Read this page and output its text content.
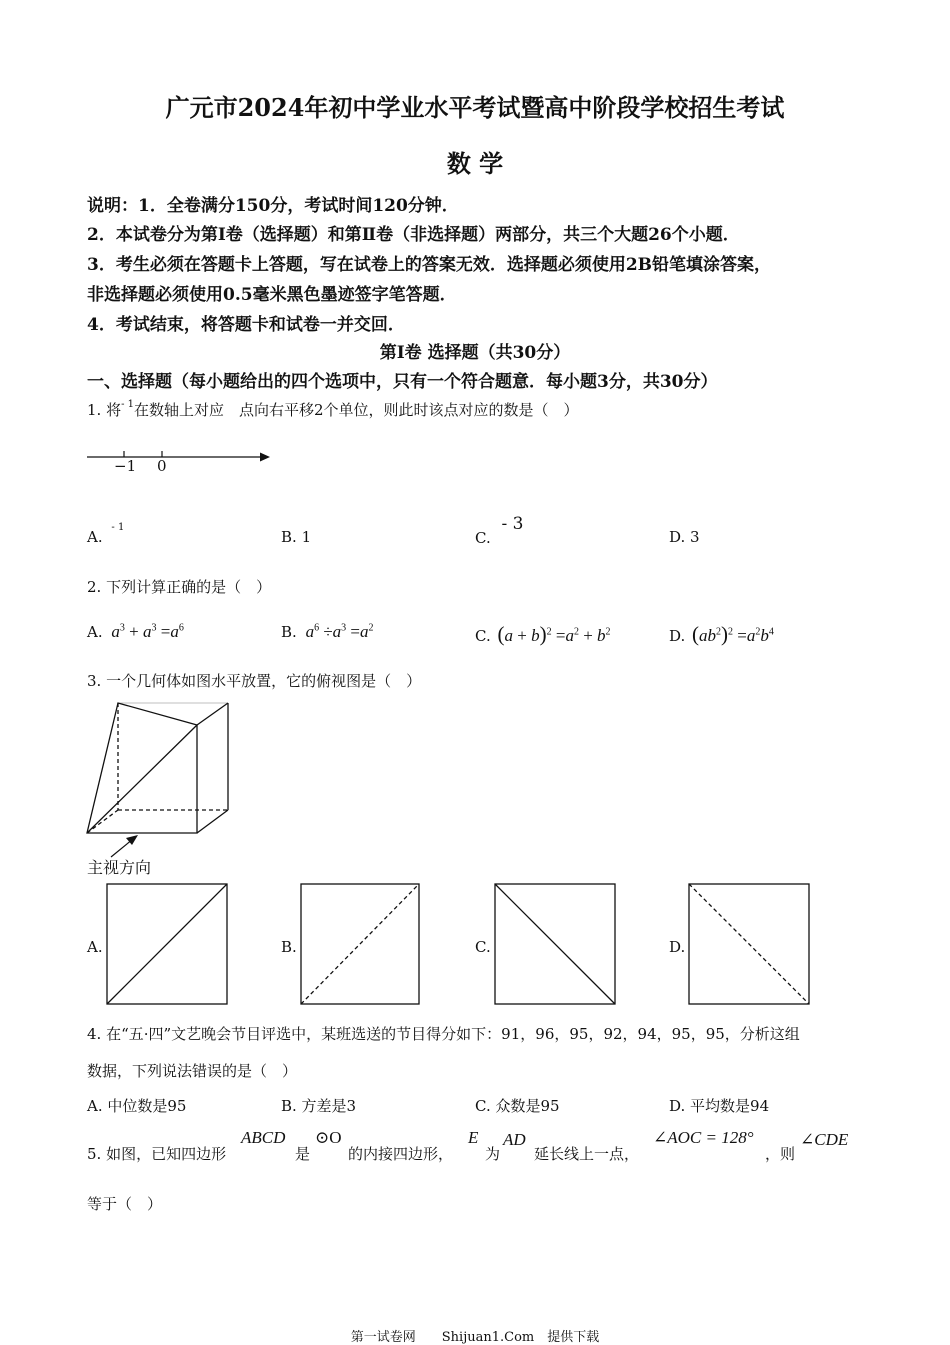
广元市2024年初中学业水平考试暨高中阶段学校招生考试
数 学
说明：1．全卷满分150分，考试时间120分钟．
2．本试卷分为第Ⅰ卷（选择题）和第Ⅱ卷（非选择题）两部分，共三个大题26个小题．
3．考生必须在答题卡上答题，写在试卷上的答案无效．选择题必须使用2B铅笔填涂答案，
非选择题必须使用0.5毫米黑色墨迹签字笔答题．
4．考试结束，将答题卡和试卷一并交回．
第Ⅰ卷 选择题（共30分）
一、选择题（每小题给出的四个选项中，只有一个符合题意．每小题3分，共30分）
1. 将$^{- 1}$在数轴上对应　点向右平移2个单位，则此时该点对应的数是（　）
−1 0
A. $^{- 1}$
B. 1	C. - 3
D. 3
2. 下列计算正确的是（　）
A. $a^3 + a^3 =a^6$	B. $a^6 \div a^3 =a^2$	C. $(a + b)^2 =a^2 + b^2$	D. $(ab^2)^2 =a^2b^4$
3. 一个几何体如图水平放置，它的俯视图是（　）
主视方向
A.	B.	C.	D.
4. 在“五·四”文艺晚会节目评选中，某班选送的节目得分如下：91，96，95，92，94，95，95，分析这组
数据，下列说法错误的是（　）
A. 中位数是95	B. 方差是3	C. 众数是95	D. 平均数是94
5. 如图，已知四边形
ABCD
是
⊙O
的内接四边形，
E
为
AD
延长线上一点，
∠AOC = 128°
，则
∠CDE
等于（　）
第一试卷网　　Shijuan1.Com　提供下载
